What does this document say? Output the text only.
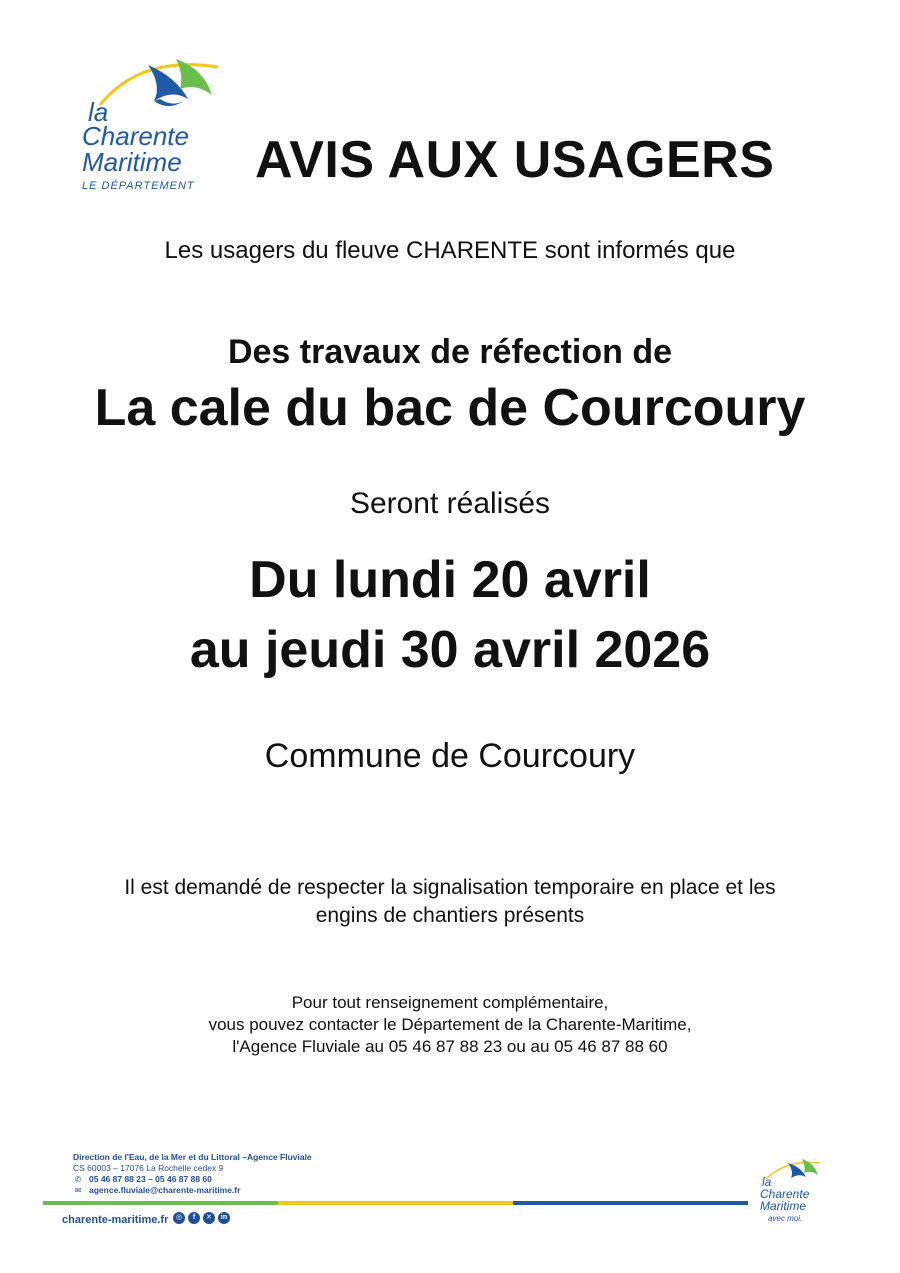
la
Charente
Maritime
LE DÉPARTEMENT AVIS AUX USAGERS
Les usagers du fleuve CHARENTE sont informés que
Des travaux de réfection de
La cale du bac de Courcoury
Seront réalisés
Du lundi 20 avril
au jeudi 30 avril 2026
Commune de Courcoury
Il est demandé de respecter la signalisation temporaire en place et les
engins de chantiers présents
Pour tout renseignement complémentaire,
vous pouvez contacter le Département de la Charente-Maritime,
l'Agence Fluviale au 05 46 87 88 23 ou au 05 46 87 88 60
Direction de l'Eau, de la Mer et du Littoral –Agence Fluviale
CS 60003 – 17076 La Rochelle cedex 9
✆ 05 46 87 88 23 – 05 46 87 88 60
✉ agence.fluviale@charente-maritime.fr
charente-maritime.fr	◎	f	✕	in
la
Charente
Maritime
avec moi.
